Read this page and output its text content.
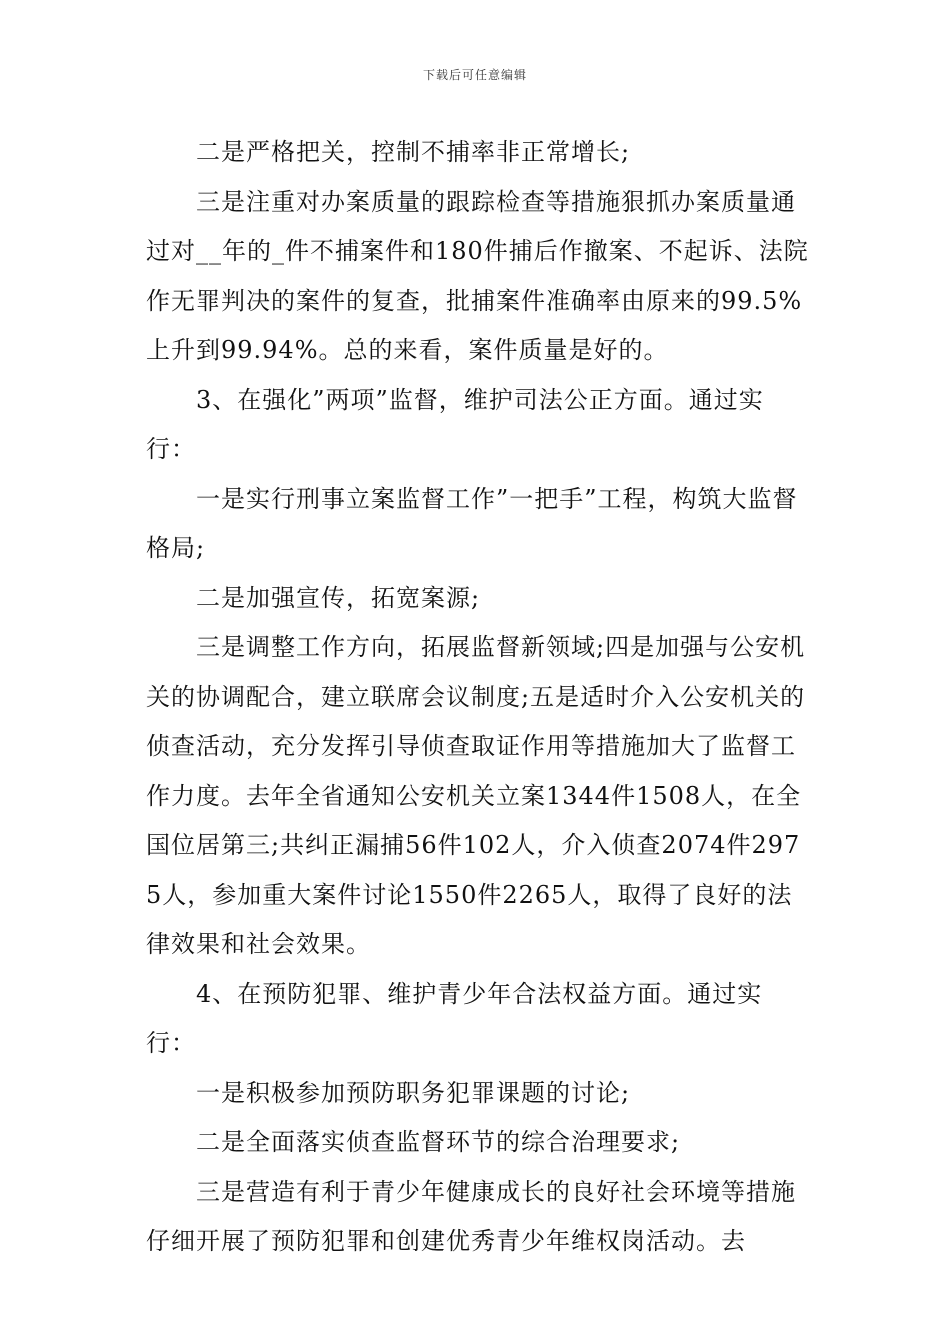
下载后可任意编辑

二是严格把关，控制不捕率非正常增长;

三是注重对办案质量的跟踪检查等措施狠抓办案质量通过对__年的_件不捕案件和180件捕后作撤案、不起诉、法院作无罪判决的案件的复查，批捕案件准确率由原来的99.5%上升到99.94%。总的来看，案件质量是好的。

3、在强化”两项”监督，维护司法公正方面。通过实行：

一是实行刑事立案监督工作”一把手”工程，构筑大监督格局;

二是加强宣传，拓宽案源;

三是调整工作方向，拓展监督新领域;四是加强与公安机关的协调配合，建立联席会议制度;五是适时介入公安机关的侦查活动，充分发挥引导侦查取证作用等措施加大了监督工作力度。去年全省通知公安机关立案1344件1508人，在全国位居第三;共纠正漏捕56件102人，介入侦查2074件2975人，参加重大案件讨论1550件2265人，取得了良好的法律效果和社会效果。

4、在预防犯罪、维护青少年合法权益方面。通过实行：

一是积极参加预防职务犯罪课题的讨论;

二是全面落实侦查监督环节的综合治理要求;

三是营造有利于青少年健康成长的良好社会环境等措施仔细开展了预防犯罪和创建优秀青少年维权岗活动。去
